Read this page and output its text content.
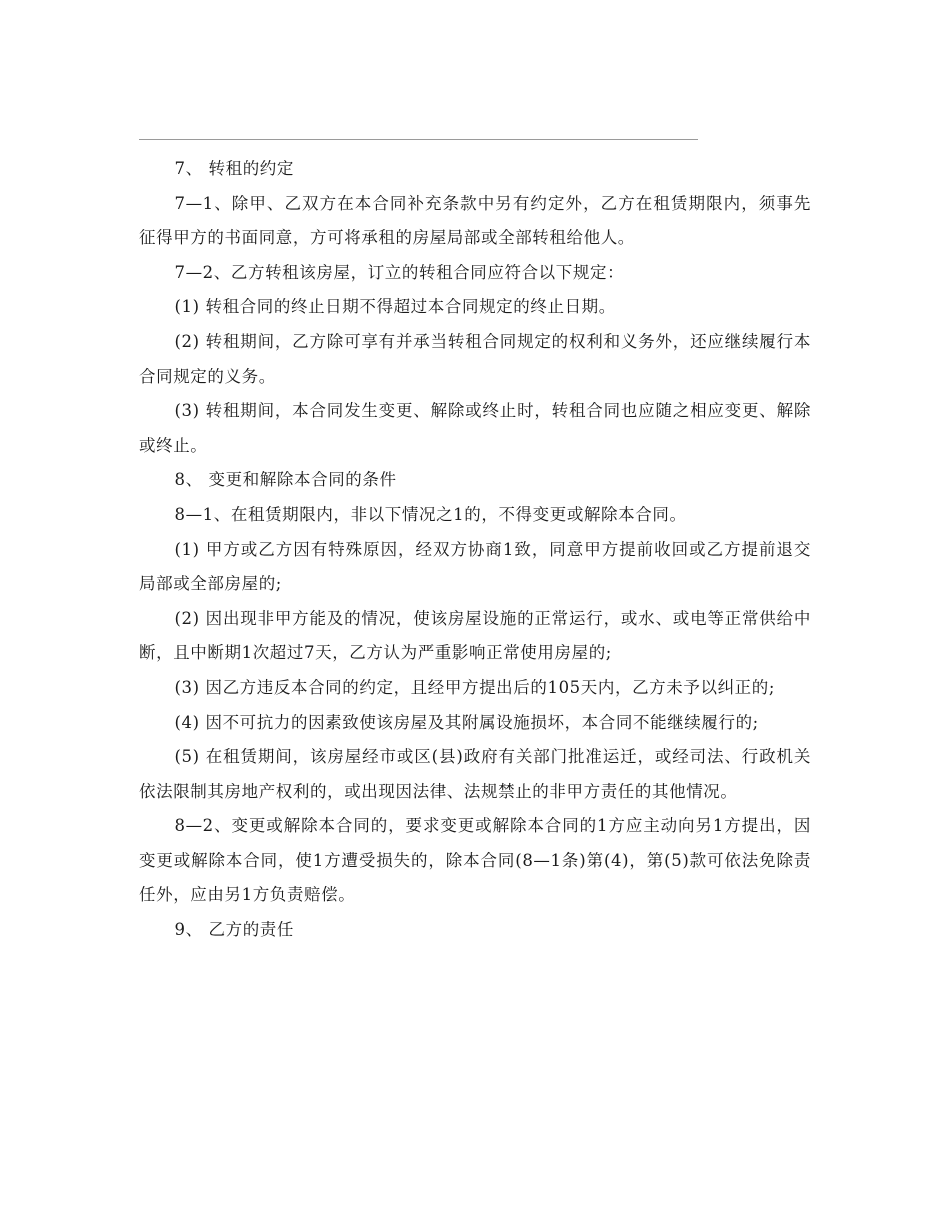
7、 转租的约定

7—1、除甲、乙双方在本合同补充条款中另有约定外，乙方在租赁期限内，须事先征得甲方的书面同意，方可将承租的房屋局部或全部转租给他人。

7—2、乙方转租该房屋，订立的转租合同应符合以下规定：

(1) 转租合同的终止日期不得超过本合同规定的终止日期。

(2) 转租期间，乙方除可享有并承当转租合同规定的权利和义务外，还应继续履行本合同规定的义务。

(3) 转租期间，本合同发生变更、解除或终止时，转租合同也应随之相应变更、解除或终止。

8、 变更和解除本合同的条件

8—1、在租赁期限内，非以下情况之1的，不得变更或解除本合同。

(1) 甲方或乙方因有特殊原因，经双方协商1致，同意甲方提前收回或乙方提前退交局部或全部房屋的;

(2) 因出现非甲方能及的情况，使该房屋设施的正常运行，或水、或电等正常供给中断，且中断期1次超过7天，乙方认为严重影响正常使用房屋的;

(3) 因乙方违反本合同的约定，且经甲方提出后的105天内，乙方未予以纠正的;

(4) 因不可抗力的因素致使该房屋及其附属设施损坏，本合同不能继续履行的;

(5) 在租赁期间，该房屋经市或区(县)政府有关部门批准运迁，或经司法、行政机关依法限制其房地产权利的，或出现因法律、法规禁止的非甲方责任的其他情况。

8—2、变更或解除本合同的，要求变更或解除本合同的1方应主动向另1方提出，因变更或解除本合同，使1方遭受损失的，除本合同(8—1条)第(4)，第(5)款可依法免除责任外，应由另1方负责赔偿。

9、 乙方的责任
